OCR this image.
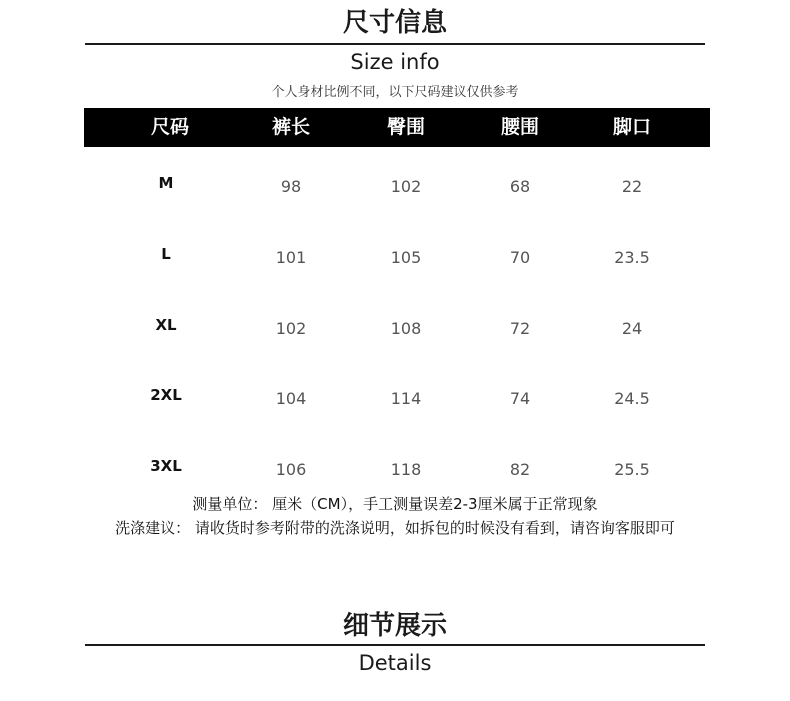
尺寸信息
Size info
个人身材比例不同，以下尺码建议仅供参考
尺码	裤长	臀围	腰围	脚口
M	98	102	68	22
L	101	105	70	23.5
XL	102	108	72	24
2XL	104	114	74	24.5
3XL	106	118	82	25.5
测量单位： 厘米（CM），手工测量误差2-3厘米属于正常现象
洗涤建议： 请收货时参考附带的洗涤说明，如拆包的时候没有看到，请咨询客服即可
细节展示
Details
